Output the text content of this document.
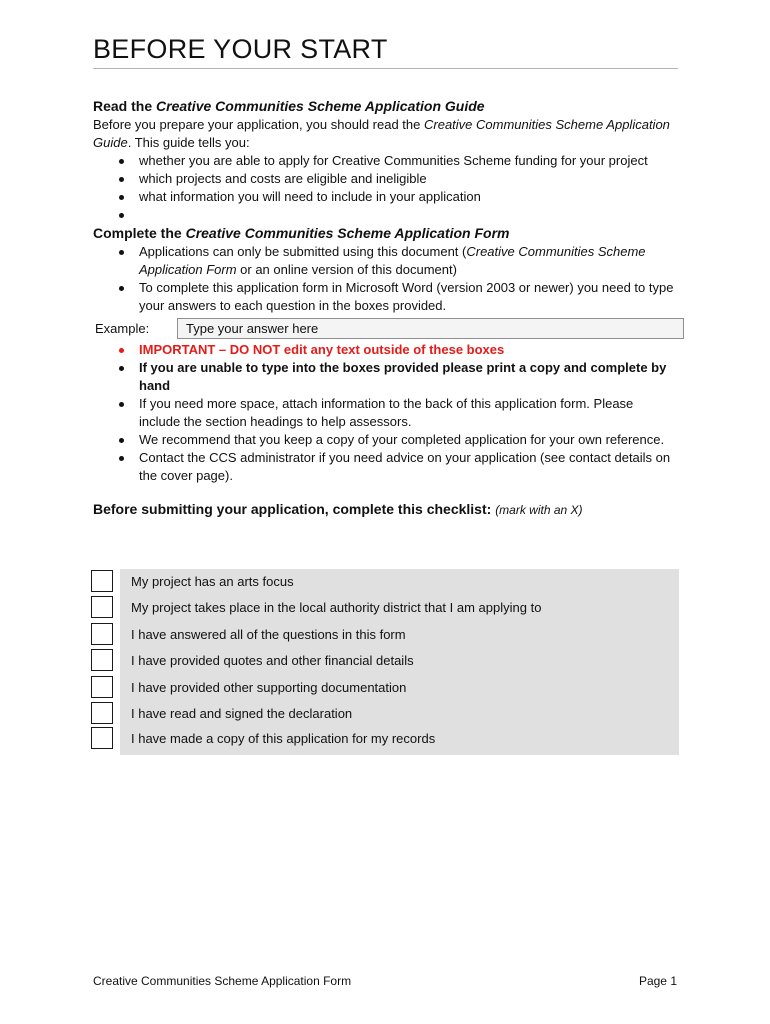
BEFORE YOUR START

Read the Creative Communities Scheme Application Guide

Before you prepare your application, you should read the Creative Communities Scheme Application Guide. This guide tells you:

whether you are able to apply for Creative Communities Scheme funding for your project
which projects and costs are eligible and ineligible
what information you will need to include in your application

Complete the Creative Communities Scheme Application Form

Applications can only be submitted using this document (Creative Communities Scheme Application Form or an online version of this document)
To complete this application form in Microsoft Word (version 2003 or newer) you need to type your answers to each question in the boxes provided.
Example:	Type your answer here
IMPORTANT – DO NOT edit any text outside of these boxes
If you are unable to type into the boxes provided please print a copy and complete by hand
If you need more space, attach information to the back of this application form. Please include the section headings to help assessors.
We recommend that you keep a copy of your completed application for your own reference.
Contact the CCS administrator if you need advice on your application (see contact details on the cover page).

Before submitting your application, complete this checklist: (mark with an X)

My project has an arts focus
My project takes place in the local authority district that I am applying to
I have answered all of the questions in this form
I have provided quotes and other financial details
I have provided other supporting documentation
I have read and signed the declaration
I have made a copy of this application for my records
Creative Communities Scheme Application Form	Page 1
